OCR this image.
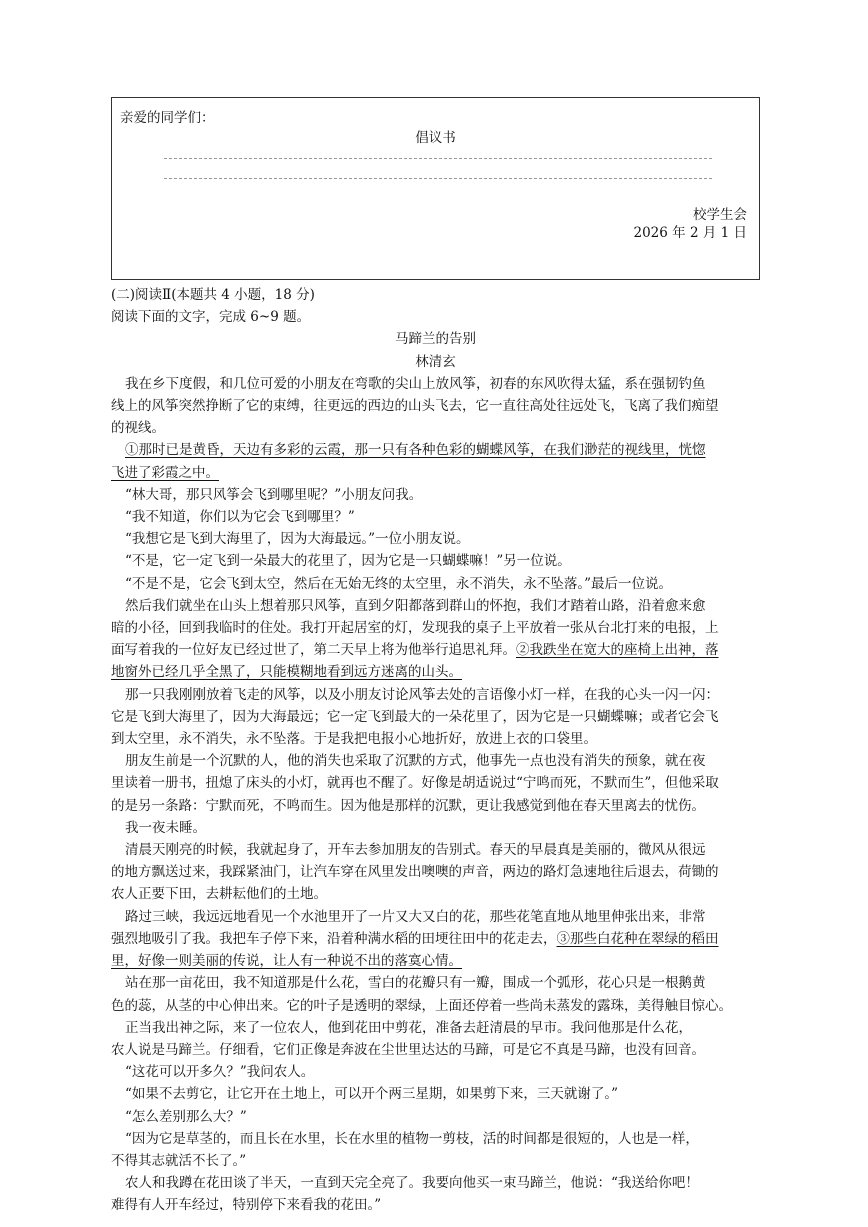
亲爱的同学们：
倡议书
校学生会
2026 年 2 月 1 日
(二)阅读Ⅱ(本题共 4 小题，18 分)
阅读下面的文字，完成 6~9 题。
马蹄兰的告别
林清玄
我在乡下度假，和几位可爱的小朋友在弯歌的尖山上放风筝，初春的东风吹得太猛，系在强韧钓鱼
线上的风筝突然挣断了它的束缚，往更远的西边的山头飞去，它一直往高处往远处飞，飞离了我们痴望
的视线。
①那时已是黄昏，天边有多彩的云霞，那一只有各种色彩的蝴蝶风筝，在我们渺茫的视线里，恍惚
飞进了彩霞之中。
“林大哥，那只风筝会飞到哪里呢？”小朋友问我。
“我不知道，你们以为它会飞到哪里？”
“我想它是飞到大海里了，因为大海最远。”一位小朋友说。
“不是，它一定飞到一朵最大的花里了，因为它是一只蝴蝶嘛！”另一位说。
“不是不是，它会飞到太空，然后在无始无终的太空里，永不消失，永不坠落。”最后一位说。
然后我们就坐在山头上想着那只风筝，直到夕阳都落到群山的怀抱，我们才踏着山路，沿着愈来愈
暗的小径，回到我临时的住处。我打开起居室的灯，发现我的桌子上平放着一张从台北打来的电报，上
面写着我的一位好友已经过世了，第二天早上将为他举行追思礼拜。②我跌坐在宽大的座椅上出神，落
地窗外已经几乎全黑了，只能模糊地看到远方迷离的山头。
那一只我刚刚放着飞走的风筝，以及小朋友讨论风筝去处的言语像小灯一样，在我的心头一闪一闪：
它是飞到大海里了，因为大海最远；它一定飞到最大的一朵花里了，因为它是一只蝴蝶嘛；或者它会飞
到太空里，永不消失，永不坠落。于是我把电报小心地折好，放进上衣的口袋里。
朋友生前是一个沉默的人，他的消失也采取了沉默的方式，他事先一点也没有消失的预象，就在夜
里读着一册书，扭熄了床头的小灯，就再也不醒了。好像是胡适说过“宁鸣而死，不默而生”，但他采取
的是另一条路：宁默而死，不鸣而生。因为他是那样的沉默，更让我感觉到他在春天里离去的忧伤。
我一夜未睡。
清晨天刚亮的时候，我就起身了，开车去参加朋友的告别式。春天的早晨真是美丽的，微风从很远
的地方飘送过来，我踩紧油门，让汽车穿在风里发出噢噢的声音，两边的路灯急速地往后退去，荷锄的
农人正要下田，去耕耘他们的土地。
路过三峡，我远远地看见一个水池里开了一片又大又白的花，那些花笔直地从地里伸张出来，非常
强烈地吸引了我。我把车子停下来，沿着种满水稻的田埂往田中的花走去，③那些白花种在翠绿的稻田
里，好像一则美丽的传说，让人有一种说不出的落寞心情。
站在那一亩花田，我不知道那是什么花，雪白的花瓣只有一瓣，围成一个弧形，花心只是一根鹅黄
色的蕊，从茎的中心伸出来。它的叶子是透明的翠绿，上面还停着一些尚未蒸发的露珠，美得触目惊心。
正当我出神之际，来了一位农人，他到花田中剪花，准备去赶清晨的早市。我问他那是什么花，
农人说是马蹄兰。仔细看，它们正像是奔波在尘世里达达的马蹄，可是它不真是马蹄，也没有回音。
“这花可以开多久？”我问农人。
“如果不去剪它，让它开在土地上，可以开个两三星期，如果剪下来，三天就谢了。”
“怎么差别那么大？”
“因为它是草茎的，而且长在水里，长在水里的植物一剪枝，活的时间都是很短的，人也是一样，
不得其志就活不长了。”
农人和我蹲在花田谈了半天，一直到天完全亮了。我要向他买一束马蹄兰，他说：“我送给你吧！
难得有人开车经过，特别停下来看我的花田。”
